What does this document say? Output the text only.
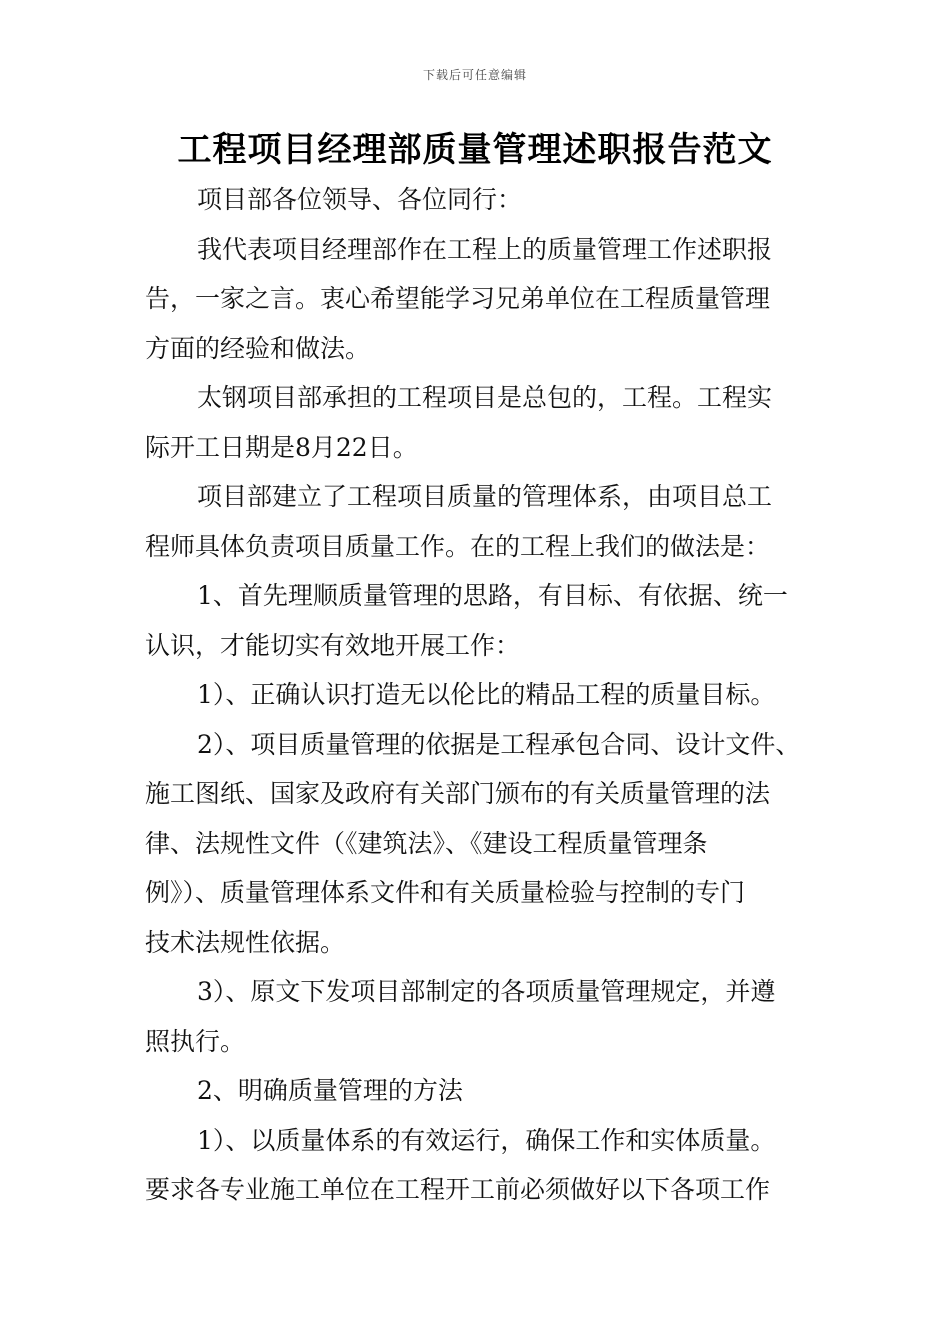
下载后可任意编辑
工程项目经理部质量管理述职报告范文
项目部各位领导、各位同行：
我代表项目经理部作在工程上的质量管理工作述职报
告，一家之言。衷心希望能学习兄弟单位在工程质量管理
方面的经验和做法。
太钢项目部承担的工程项目是总包的，工程。工程实
际开工日期是8月22日。
项目部建立了工程项目质量的管理体系，由项目总工
程师具体负责项目质量工作。在的工程上我们的做法是：
1、首先理顺质量管理的思路，有目标、有依据、统一
认识，才能切实有效地开展工作：
1）、正确认识打造无以伦比的精品工程的质量目标。
2）、项目质量管理的依据是工程承包合同、设计文件、
施工图纸、国家及政府有关部门颁布的有关质量管理的法
律、法规性文件（《建筑法》、《建设工程质量管理条
例》）、质量管理体系文件和有关质量检验与控制的专门
技术法规性依据。
3）、原文下发项目部制定的各项质量管理规定，并遵
照执行。
2、明确质量管理的方法
1）、以质量体系的有效运行，确保工作和实体质量。
要求各专业施工单位在工程开工前必须做好以下各项工作
